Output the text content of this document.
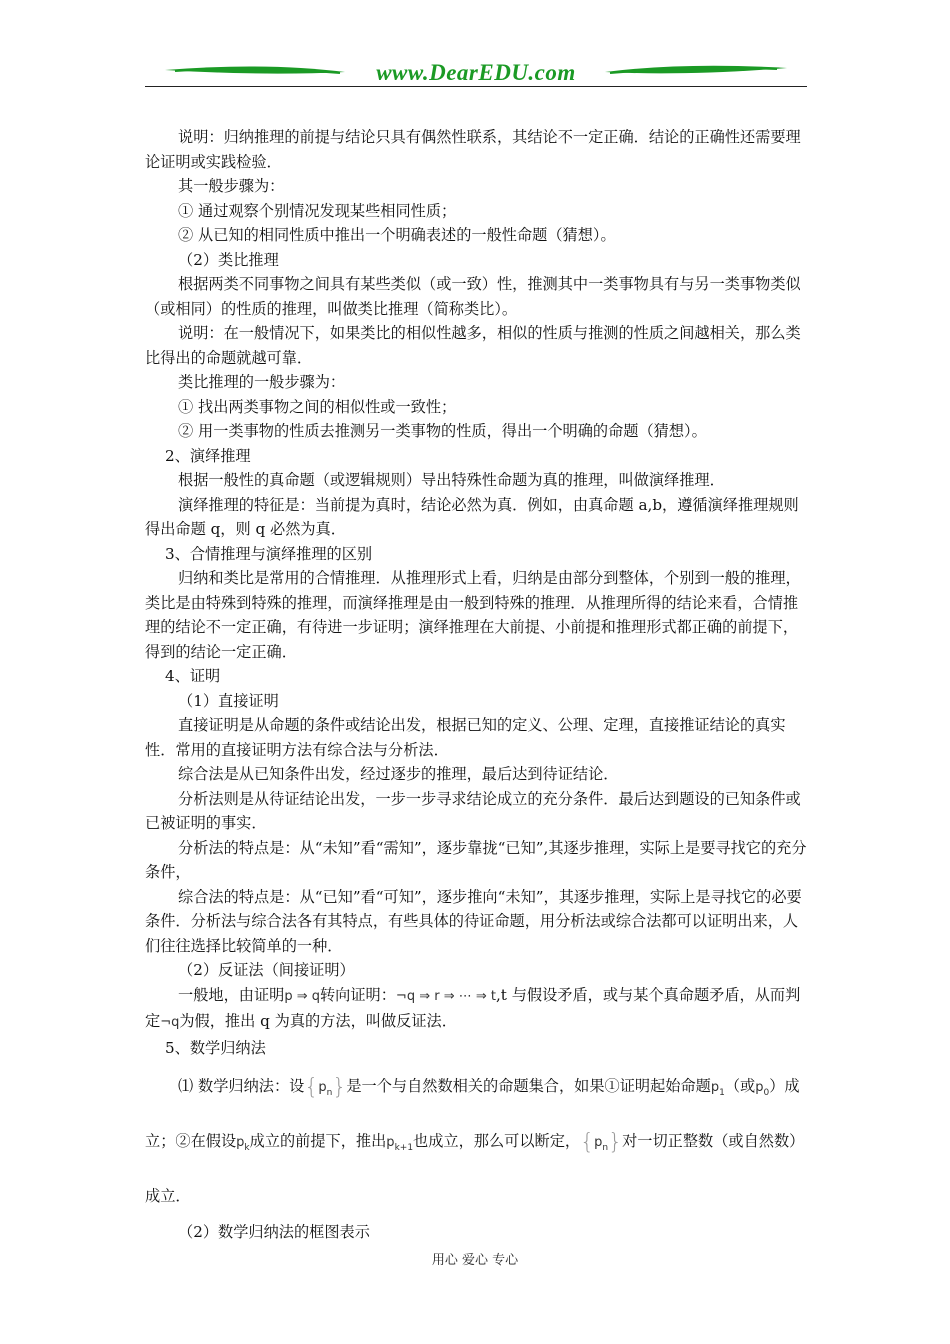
www.DearEDU.com

说明：归纳推理的前提与结论只具有偶然性联系，其结论不一定正确．结论的正确性还需要理论证明或实践检验．

其一般步骤为：

① 通过观察个别情况发现某些相同性质；

② 从已知的相同性质中推出一个明确表述的一般性命题（猜想）。

（2）类比推理

根据两类不同事物之间具有某些类似（或一致）性，推测其中一类事物具有与另一类事物类似（或相同）的性质的推理，叫做类比推理（简称类比）。

说明：在一般情况下，如果类比的相似性越多，相似的性质与推测的性质之间越相关，那么类比得出的命题就越可靠．

类比推理的一般步骤为：

① 找出两类事物之间的相似性或一致性；

② 用一类事物的性质去推测另一类事物的性质，得出一个明确的命题（猜想）。

2、演绎推理

根据一般性的真命题（或逻辑规则）导出特殊性命题为真的推理，叫做演绎推理．

演绎推理的特征是：当前提为真时，结论必然为真．例如，由真命题 a,b，遵循演绎推理规则得出命题 q，则 q 必然为真．

3、合情推理与演绎推理的区别

归纳和类比是常用的合情推理．从推理形式上看，归纳是由部分到整体，个别到一般的推理，类比是由特殊到特殊的推理，而演绎推理是由一般到特殊的推理．从推理所得的结论来看，合情推理的结论不一定正确，有待进一步证明；演绎推理在大前提、小前提和推理形式都正确的前提下，得到的结论一定正确．

4、证明

（1）直接证明

直接证明是从命题的条件或结论出发，根据已知的定义、公理、定理，直接推证结论的真实性．常用的直接证明方法有综合法与分析法．

综合法是从已知条件出发，经过逐步的推理，最后达到待证结论．

分析法则是从待证结论出发，一步一步寻求结论成立的充分条件．最后达到题设的已知条件或已被证明的事实．

分析法的特点是：从“未知”看“需知”，逐步靠拢“已知”,其逐步推理，实际上是要寻找它的充分条件，

综合法的特点是：从“已知”看“可知”，逐步推向“未知”，其逐步推理，实际上是寻找它的必要条件．分析法与综合法各有其特点，有些具体的待证命题，用分析法或综合法都可以证明出来，人们往往选择比较简单的一种．

（2）反证法（间接证明）

一般地，由证明p ⇒ q转向证明：¬q ⇒ r ⇒ ⋯ ⇒ t,t 与假设矛盾，或与某个真命题矛盾，从而判定¬q为假，推出 q 为真的方法，叫做反证法．

5、数学归纳法

⑴ 数学归纳法：设$\{p_n\}$是一个与自然数相关的命题集合，如果①证明起始命题$p_1$（或$p_0$）成立；②在假设$p_k$成立的前提下，推出$p_{k+1}$也成立，那么可以断定，$\{p_n\}$对一切正整数（或自然数）成立．

（2）数学归纳法的框图表示

用心 爱心 专心
